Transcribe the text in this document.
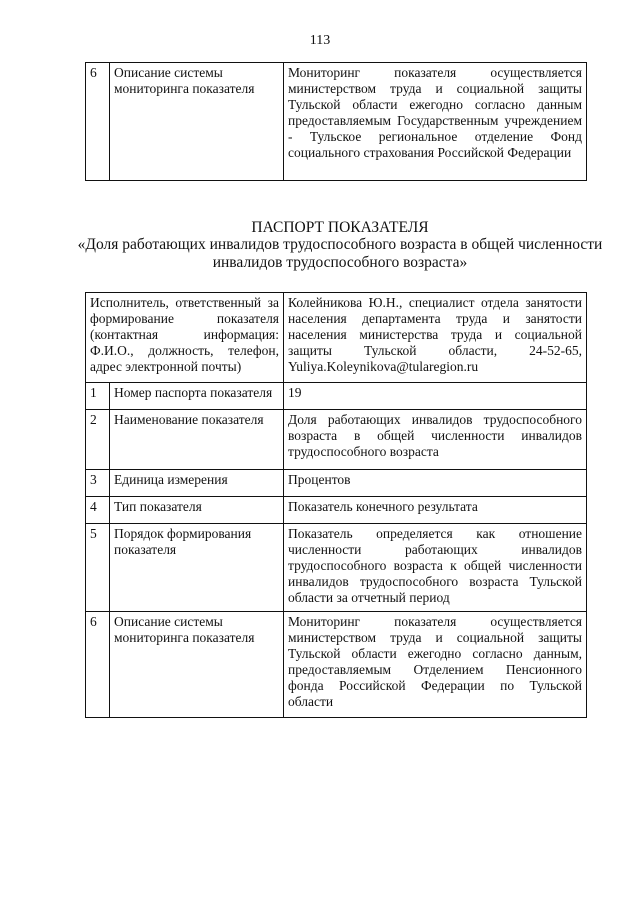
113
6	Описание системы мониторинга показателя	Мониторинг показателя осуществляется министерством труда и социальной защиты Тульской области ежегодно согласно данным предоставляемым Государственным учреждением - Тульское региональное отделение Фонд социального страхования Российской Федерации
ПАСПОРТ ПОКАЗАТЕЛЯ
«Доля работающих инвалидов трудоспособного возраста в общей численности инвалидов трудоспособного возраста»
Исполнитель, ответственный за формирование показателя (контактная информация: Ф.И.О., должность, телефон, адрес электронной почты)		Колейникова Ю.Н., специалист отдела занятости населения департамента труда и занятости населения министерства труда и социальной защиты Тульской области, 24-52-65, Yuliya.Koleynikova@tularegion.ru
1	Номер паспорта показателя	19
2	Наименование показателя	Доля работающих инвалидов трудоспособного возраста в общей численности инвалидов трудоспособного возраста
3	Единица измерения	Процентов
4	Тип показателя	Показатель конечного результата
5	Порядок формирования показателя	Показатель определяется как отношение численности работающих инвалидов трудоспособного возраста к общей численности инвалидов трудоспособного возраста Тульской области за отчетный период
6	Описание системы мониторинга показателя	Мониторинг показателя осуществляется министерством труда и социальной защиты Тульской области ежегодно согласно данным, предоставляемым Отделением Пенсионного фонда Российской Федерации по Тульской области
